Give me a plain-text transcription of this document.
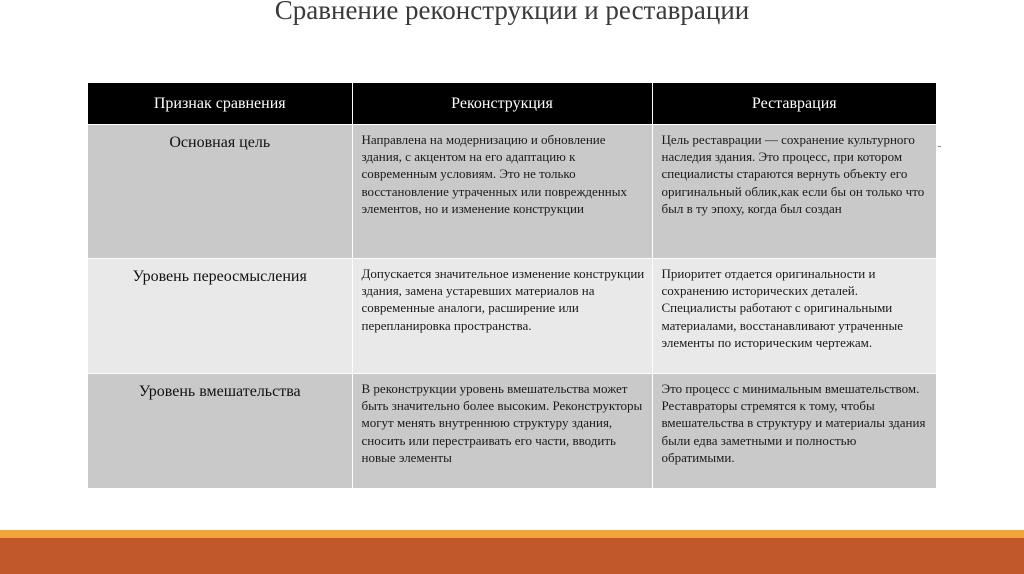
Сравнение реконструкции и реставрации
Признак сравнения	Реконструкция	Реставрация

Основная цель	Направлена на модернизацию и обновление здания, с акцентом на его адаптацию к современным условиям. Это не только восстановление утраченных или поврежденных элементов, но и изменение конструкции	Цель реставрации — сохранение культурного наследия здания. Это процесс, при котором специалисты стараются вернуть объекту его оригинальный облик,как если бы он только что был в ту эпоху, когда был создан

Уровень переосмысления	Допускается значительное изменение конструкции здания, замена устаревших материалов на современные аналоги, расширение или перепланировка пространства.	Приоритет отдается оригинальности и сохранению исторических деталей. Специалисты работают с оригинальными материалами, восстанавливают утраченные элементы по историческим чертежам.

Уровень вмешательства	В реконструкции уровень вмешательства может быть значительно более высоким. Реконструкторы могут менять внутреннюю структуру здания, сносить или перестраивать его части, вводить новые элементы	Это процесс с минимальным вмешательством. Реставраторы стремятся к тому, чтобы вмешательства в структуру и материалы здания были едва заметными и полностью обратимыми.
